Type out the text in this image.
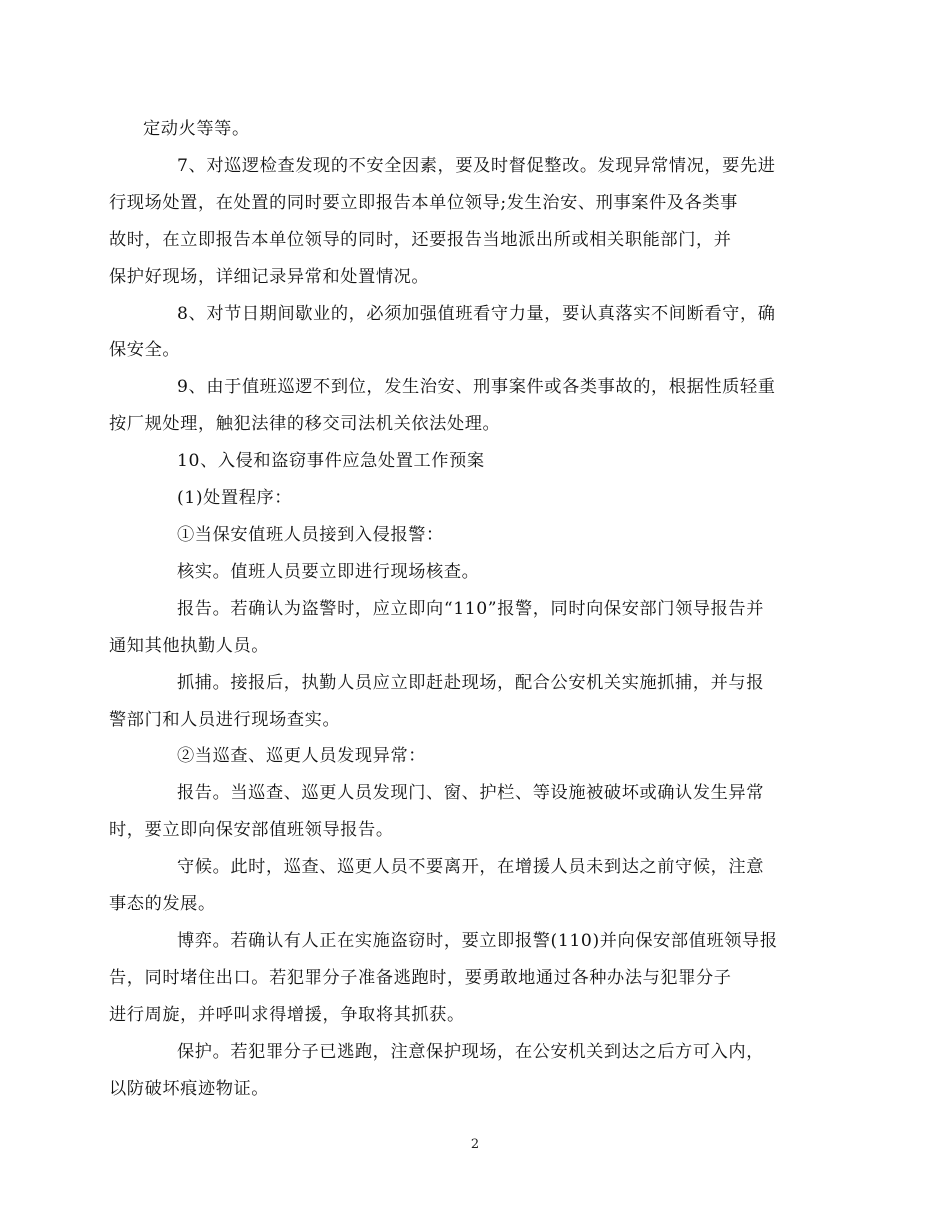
定动火等等。

7、对巡逻检查发现的不安全因素，要及时督促整改。发现异常情况，要先进
行现场处置，在处置的同时要立即报告本单位领导;发生治安、刑事案件及各类事
故时，在立即报告本单位领导的同时，还要报告当地派出所或相关职能部门，并
保护好现场，详细记录异常和处置情况。

8、对节日期间歇业的，必须加强值班看守力量，要认真落实不间断看守，确
保安全。

9、由于值班巡逻不到位，发生治安、刑事案件或各类事故的，根据性质轻重
按厂规处理，触犯法律的移交司法机关依法处理。

10、入侵和盗窃事件应急处置工作预案

(1)处置程序：

①当保安值班人员接到入侵报警：

核实。值班人员要立即进行现场核查。

报告。若确认为盗警时，应立即向“110”报警，同时向保安部门领导报告并
通知其他执勤人员。

抓捕。接报后，执勤人员应立即赶赴现场，配合公安机关实施抓捕，并与报
警部门和人员进行现场查实。

②当巡查、巡更人员发现异常：

报告。当巡查、巡更人员发现门、窗、护栏、等设施被破坏或确认发生异常
时，要立即向保安部值班领导报告。

守候。此时，巡查、巡更人员不要离开，在增援人员未到达之前守候，注意
事态的发展。

博弈。若确认有人正在实施盗窃时，要立即报警(110)并向保安部值班领导报
告，同时堵住出口。若犯罪分子准备逃跑时，要勇敢地通过各种办法与犯罪分子
进行周旋，并呼叫求得增援，争取将其抓获。

保护。若犯罪分子已逃跑，注意保护现场，在公安机关到达之后方可入内，
以防破坏痕迹物证。

2
